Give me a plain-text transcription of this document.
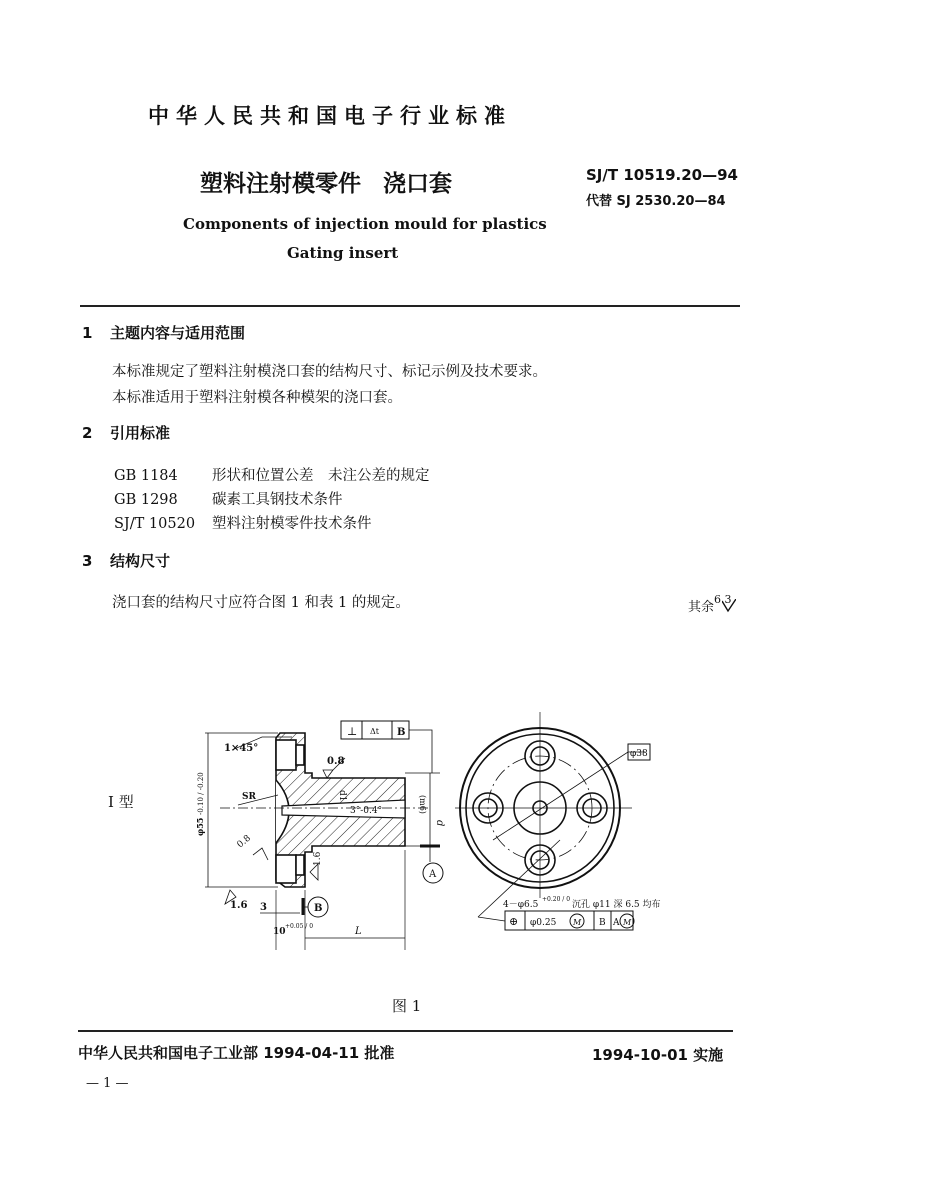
中华人民共和国电子行业标准
塑料注射模零件 浇口套	SJ/T 10519.20—94
代替 SJ 2530.20—84
Components of injection mould for plastics
Gating insert
1 主题内容与适用范围
本标准规定了塑料注射模浇口套的结构尺寸、标记示例及技术要求。
本标准适用于塑料注射模各种模架的浇口套。
2 引用标准
GB 1184 形状和位置公差　未注公差的规定
GB 1298 碳素工具钢技术条件
SJ/T 10520 塑料注射模零件技术条件
3 结构尺寸
浇口套的结构尺寸应符合图 1 和表 1 的规定。	其余$^{6.3}$
I 型
1×45°
⊥ Δt B
0.8
d1
SR
3°-0.4°
φ55
-0.10 / -0.20
0.8
1.6
1.6 3
10
+0.05 / 0	L
d
(m6)
A
B
φ38
4－φ6.5
+0.20 / 0
沉孔 φ11 深 6.5 均布
⊕ φ0.25 M B A M
图 1
中华人民共和国电子工业部 1994-04-11 批准	1994-10-01 实施
— 1 —
